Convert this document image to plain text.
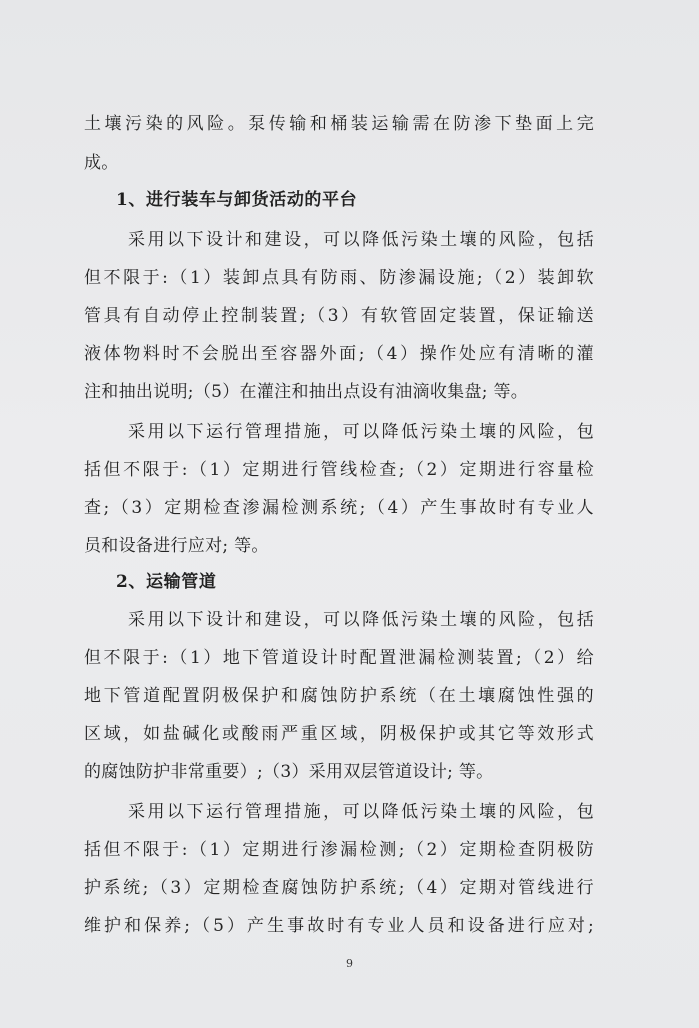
土壤污染的风险。泵传输和桶装运输需在防渗下垫面上完

成。

1、进行装车与卸货活动的平台

采用以下设计和建设，可以降低污染土壤的风险，包括

但不限于:（1）装卸点具有防雨、防渗漏设施;（2）装卸软

管具有自动停止控制装置;（3）有软管固定装置，保证输送

液体物料时不会脱出至容器外面;（4）操作处应有清晰的灌

注和抽出说明;（5）在灌注和抽出点设有油滴收集盘; 等。

采用以下运行管理措施，可以降低污染土壤的风险，包

括但不限于:（1）定期进行管线检查;（2）定期进行容量检

查;（3）定期检查渗漏检测系统;（4）产生事故时有专业人

员和设备进行应对; 等。

2、运输管道

采用以下设计和建设，可以降低污染土壤的风险，包括

但不限于:（1）地下管道设计时配置泄漏检测装置;（2）给

地下管道配置阴极保护和腐蚀防护系统（在土壤腐蚀性强的

区域，如盐碱化或酸雨严重区域，阴极保护或其它等效形式

的腐蚀防护非常重要）;（3）采用双层管道设计; 等。

采用以下运行管理措施，可以降低污染土壤的风险，包

括但不限于:（1）定期进行渗漏检测;（2）定期检查阴极防

护系统;（3）定期检查腐蚀防护系统;（4）定期对管线进行

维护和保养;（5）产生事故时有专业人员和设备进行应对;

9
